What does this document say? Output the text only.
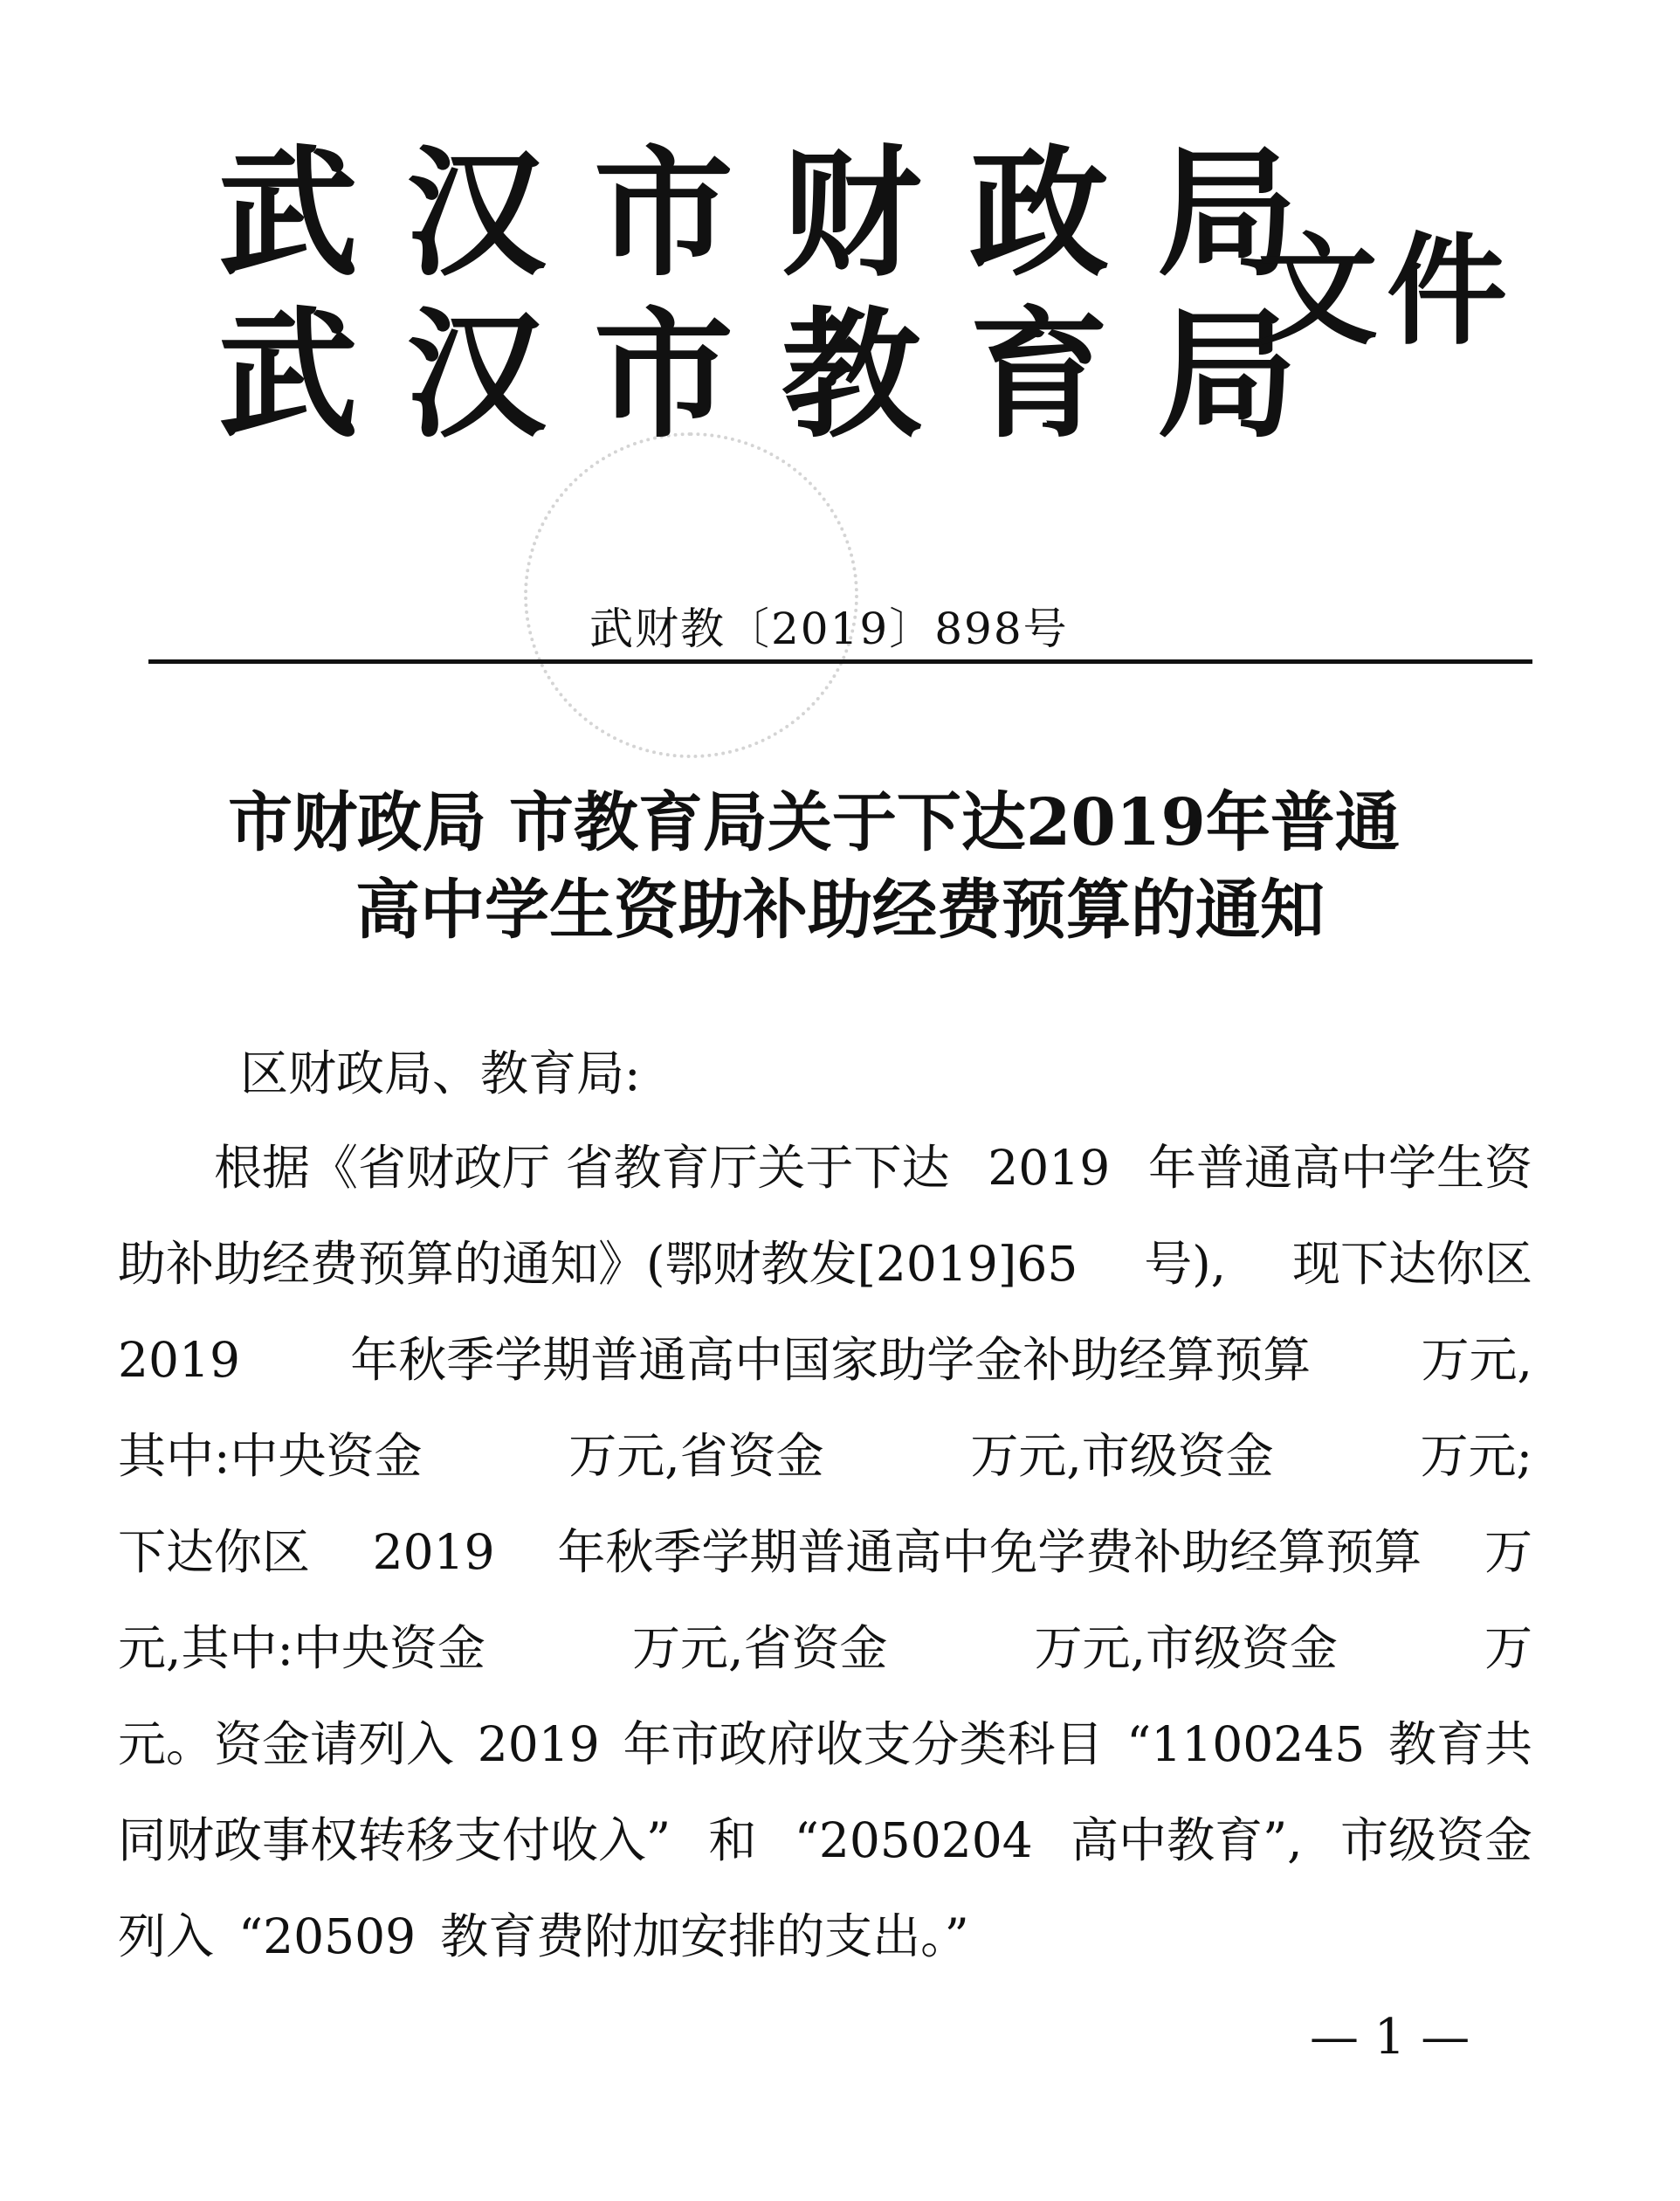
武汉市财政局
武汉市教育局
文件
武财教〔2019〕898号
市财政局 市教育局关于下达2019年普通
高中学生资助补助经费预算的通知
区财政局、教育局:
　　根据《省财政厅 省教育厅关于下达 2019 年普通高中学生资
助补助经费预算的通知》(鄂财教发[2019]65 号), 现下达你区
2019 年秋季学期普通高中国家助学金补助经算预算 万元,
其中:中央资金	万元,省资金	万元,市级资金	万元;
下达你区 2019 年秋季学期普通高中免学费补助经算预算 万
元,其中:中央资金	万元,省资金	万元,市级资金	万
元。资金请列入 2019 年市政府收支分类科目 “1100245 教育共
同财政事权转移支付收入” 和 “2050204 高中教育”, 市级资金
列入 “20509 教育费附加安排的支出。”
— 1 —
